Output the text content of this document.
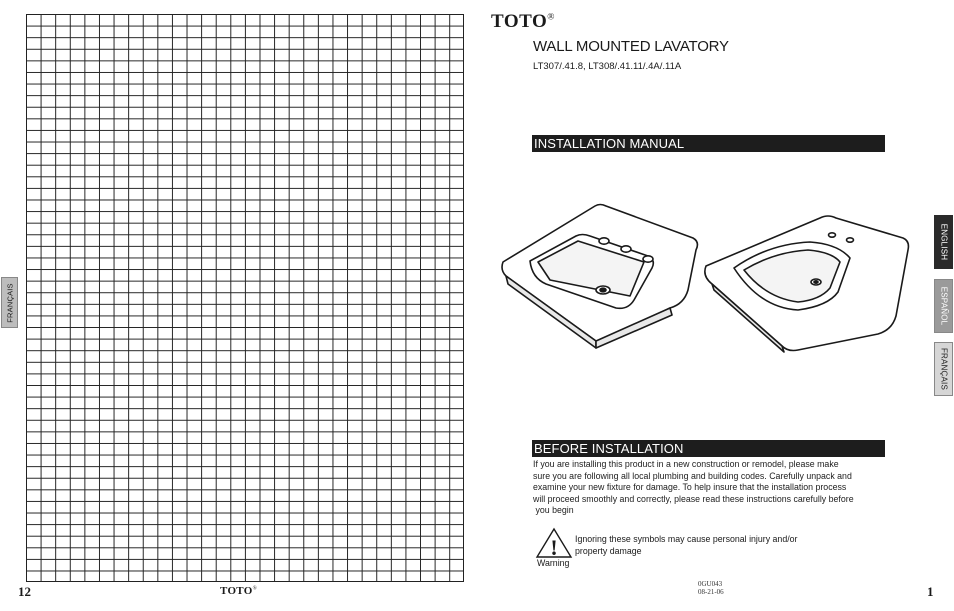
FRANÇAIS
12	TOTO®
TOTO®
WALL MOUNTED LAVATORY
LT307/.41.8, LT308/.41.11/.4A/.11A
INSTALLATION MANUAL
BEFORE INSTALLATION

If you are installing this product in a new construction or remodel, please make

sure you are following all local plumbing and building codes. Carefully unpack and

examine your new fixture for damage. To help insure that the installation process

will proceed smoothly and correctly, please read these instructions carefully before

you begin

! Ignoring these symbols may cause personal injury and/or
property damage
Warning
0GU043
08-21-06	1
ENGLISH
ESPAÑOL
FRANÇAIS
